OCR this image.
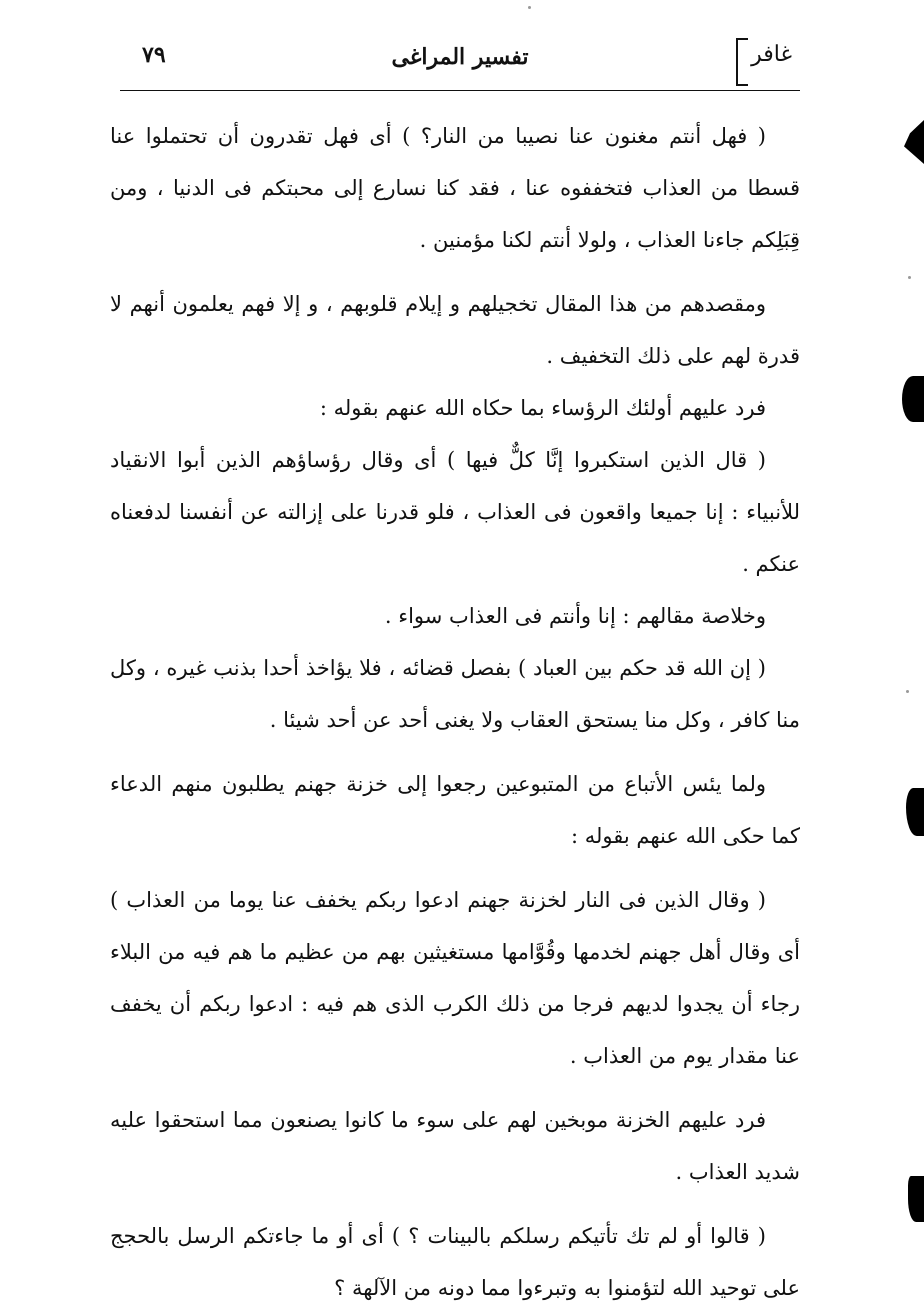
غافر
تفسير المراغى
٧٩

( فهل أنتم مغنون عنا نصيبا من النار؟ ) أى فهل تقدرون أن تحتملوا عنا قسطا من العذاب فتخففوه عنا ، فقد كنا نسارع إلى محبتكم فى الدنيا ، ومن قِبَلِكم جاءنا العذاب ، ولولا أنتم لكنا مؤمنين .

ومقصدهم من هذا المقال تخجيلهم و إيلام قلوبهم ، و إلا فهم يعلمون أنهم لا قدرة لهم على ذلك التخفيف .

فرد عليهم أولئك الرؤساء بما حكاه الله عنهم بقوله :

( قال الذين استكبروا إنَّا كلٌّ فيها ) أى وقال رؤساؤهم الذين أبوا الانقياد للأنبياء : إنا جميعا واقعون فى العذاب ، فلو قدرنا على إزالته عن أنفسنا لدفعناه عنكم .

وخلاصة مقالهم : إنا وأنتم فى العذاب سواء .

( إن الله قد حكم بين العباد ) بفصل قضائه ، فلا يؤاخذ أحدا بذنب غيره ، وكل منا كافر ، وكل منا يستحق العقاب ولا يغنى أحد عن أحد شيئا .

ولما يئس الأتباع من المتبوعين رجعوا إلى خزنة جهنم يطلبون منهم الدعاء كما حكى الله عنهم بقوله :

( وقال الذين فى النار لخزنة جهنم ادعوا ربكم يخفف عنا يوما من العذاب ) أى وقال أهل جهنم لخدمها وقُوَّامها مستغيثين بهم من عظيم ما هم فيه من البلاء رجاء أن يجدوا لديهم فرجا من ذلك الكرب الذى هم فيه : ادعوا ربكم أن يخفف عنا مقدار يوم من العذاب .

فرد عليهم الخزنة موبخين لهم على سوء ما كانوا يصنعون مما استحقوا عليه شديد العذاب .

( قالوا أو لم تك تأتيكم رسلكم بالبينات ؟ ) أى أو ما جاءتكم الرسل بالحجج على توحيد الله لتؤمنوا به وتبرءوا مما دونه من الآلهة ؟
